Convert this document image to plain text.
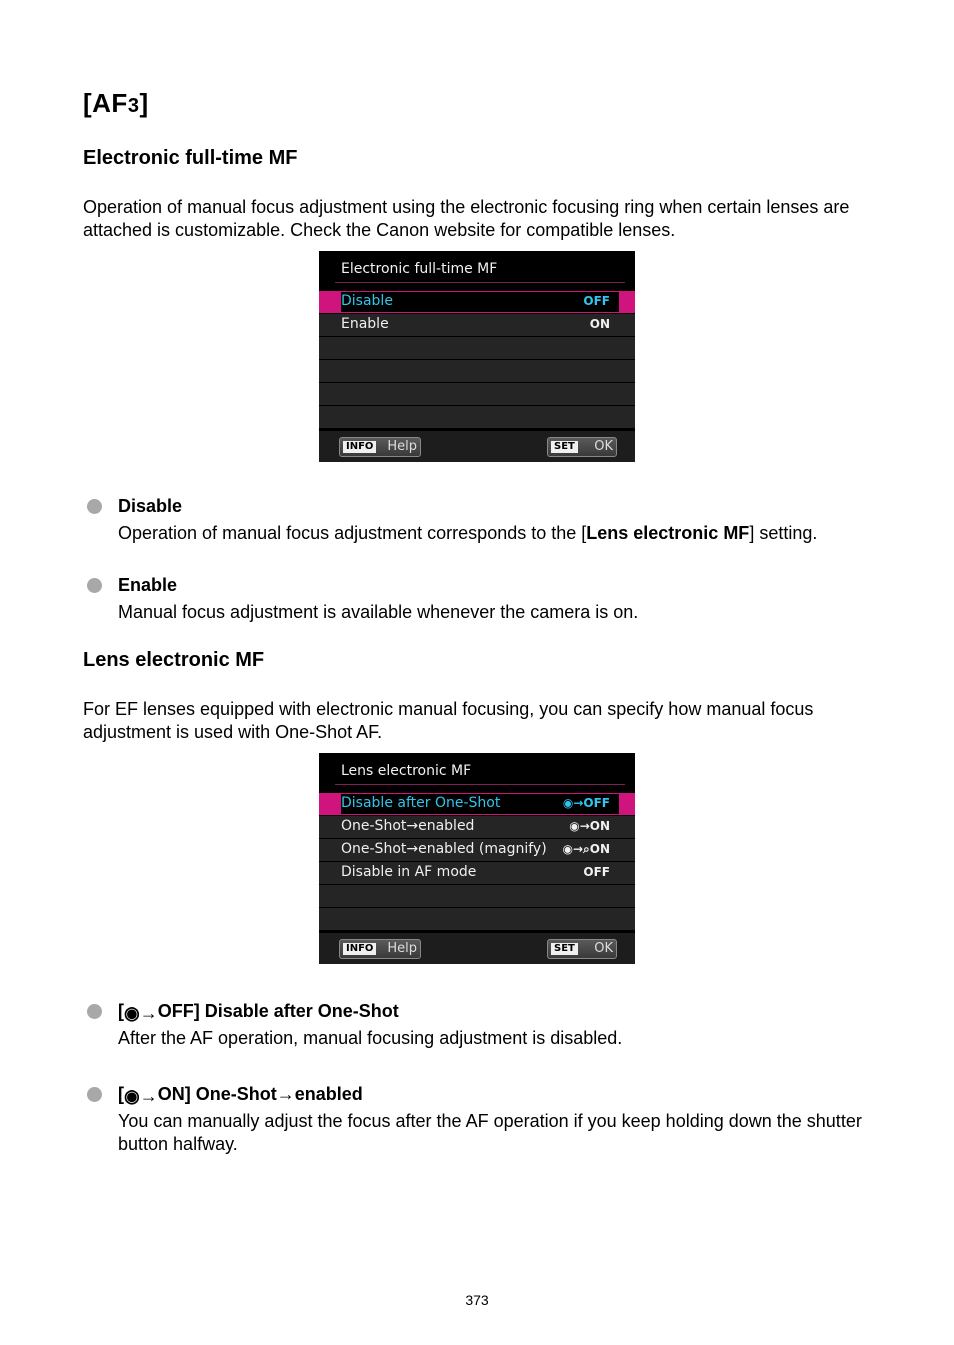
[AF3]
Electronic full-time MF
Operation of manual focus adjustment using the electronic focusing ring when certain lenses are attached is customizable. Check the Canon website for compatible lenses.
Electronic full-time MF
Disable	OFF
Enable	ON
INFO Help	SET OK
Disable
Operation of manual focus adjustment corresponds to the [Lens electronic MF] setting.
Enable
Manual focus adjustment is available whenever the camera is on.
Lens electronic MF
For EF lenses equipped with electronic manual focusing, you can specify how manual focus adjustment is used with One-Shot AF.
Lens electronic MF
Disable after One-Shot	◉→OFF
One-Shot→enabled	◉→ON
One-Shot→enabled (magnify) ◉→⌕ON
Disable in AF mode	OFF
INFO Help	SET OK
[◉→OFF] Disable after One-Shot
After the AF operation, manual focusing adjustment is disabled.
[◉→ON] One-Shot→enabled
You can manually adjust the focus after the AF operation if you keep holding down the shutter button halfway.
373
